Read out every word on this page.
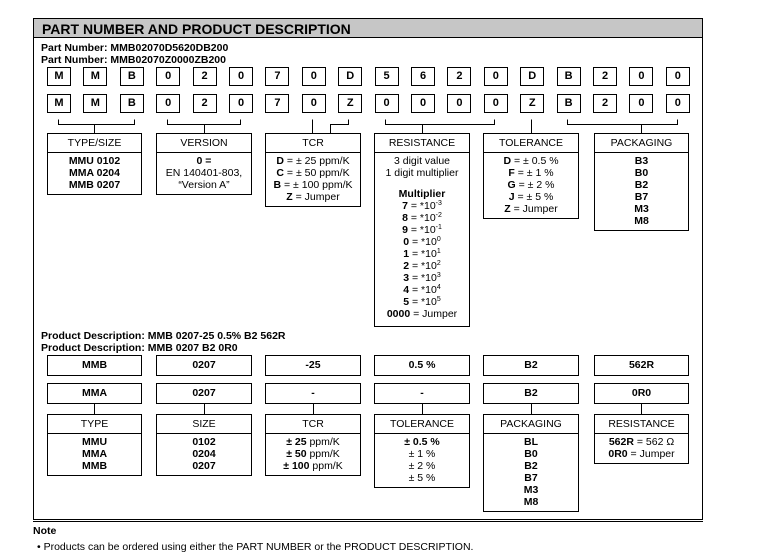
PART NUMBER AND PRODUCT DESCRIPTION
Part Number: MMB02070D5620DB200
Part Number: MMB02070Z0000ZB200
M	M	B	0	2	0	7	0	D	5	6	2	0	D	B	2	0	0
M	M	B	0	2	0	7	0	Z	0	0	0	0	Z	B	2	0	0
TYPE/SIZE
MMU 0102
MMA 0204
MMB 0207
VERSION
0 =
EN 140401-803,
“Version A”
TCR
D = ± 25 ppm/K
C = ± 50 ppm/K
B = ± 100 ppm/K
Z = Jumper
RESISTANCE
3 digit value
1 digit multiplier
Multiplier
$7 = *10^{-3}$
$8 = *10^{-2}$
$9 = *10^{-1}$
$0 = *10^0$
$1 = *10^1$
$2 = *10^2$
$3 = *10^3$
$4 = *10^4$
$5 = *10^5$
0000 = Jumper
TOLERANCE
D = ± 0.5 %
F = ± 1 %
G = ± 2 %
J = ± 5 %
Z = Jumper
PACKAGING
B3
B0
B2
B7
M3
M8
Product Description: MMB 0207-25 0.5% B2 562R
Product Description: MMB 0207 B2 0R0
MMB	0207	-25	0.5 %	B2	562R
MMA	0207	-	-	B2	0R0
TYPE
MMU
MMA
MMB
SIZE
0102
0204
0207
TCR
± 25 ppm/K
± 50 ppm/K
± 100 ppm/K
TOLERANCE
± 0.5 %
± 1 %
± 2 %
± 5 %
PACKAGING
BL
B0
B2
B7
M3
M8
RESISTANCE
562R = 562 Ω
0R0 = Jumper
Note
• Products can be ordered using either the PART NUMBER or the PRODUCT DESCRIPTION.
